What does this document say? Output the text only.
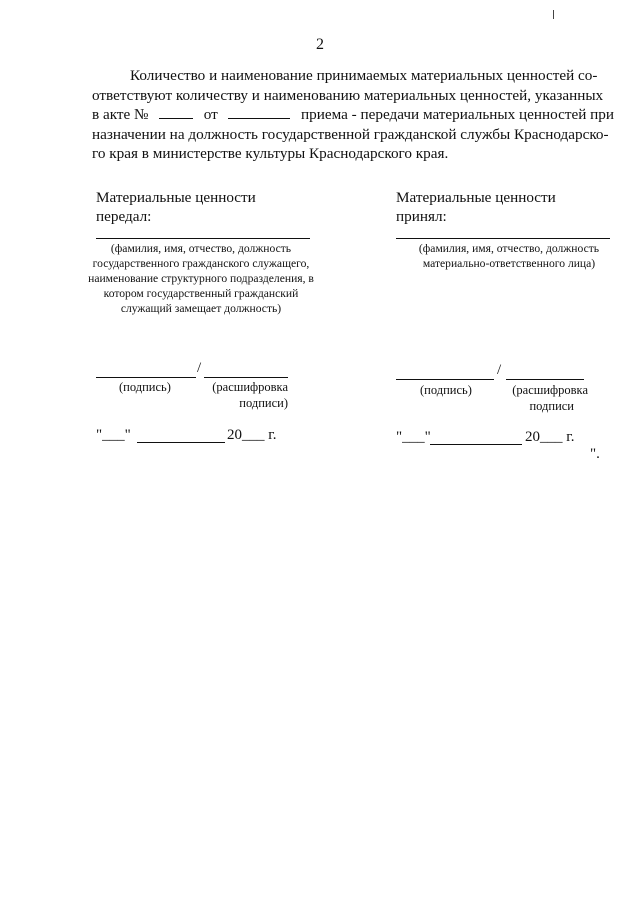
2
Количество и наименование принимаемых материальных ценностей со-
ответствуют количеству и наименованию материальных ценностей, указанных
в акте №	от	приема - передачи материальных ценностей при
назначении на должность государственной гражданской службы Краснодарско-
го края в министерстве культуры Краснодарского края.
Материальные ценности
передал:
(фамилия, имя, отчество, должность государственного гражданского служащего, наименование структурного подразделения, в котором государственный гражданский служащий замещает должность)
/
(подпись)	(расшифровка
подписи)
"___"	20___ г.
Материальные ценности
принял:
(фамилия, имя, отчество, должность материально-ответственного лица)
/
(подпись)	(расшифровка
подписи
"___"	20___ г.
".
